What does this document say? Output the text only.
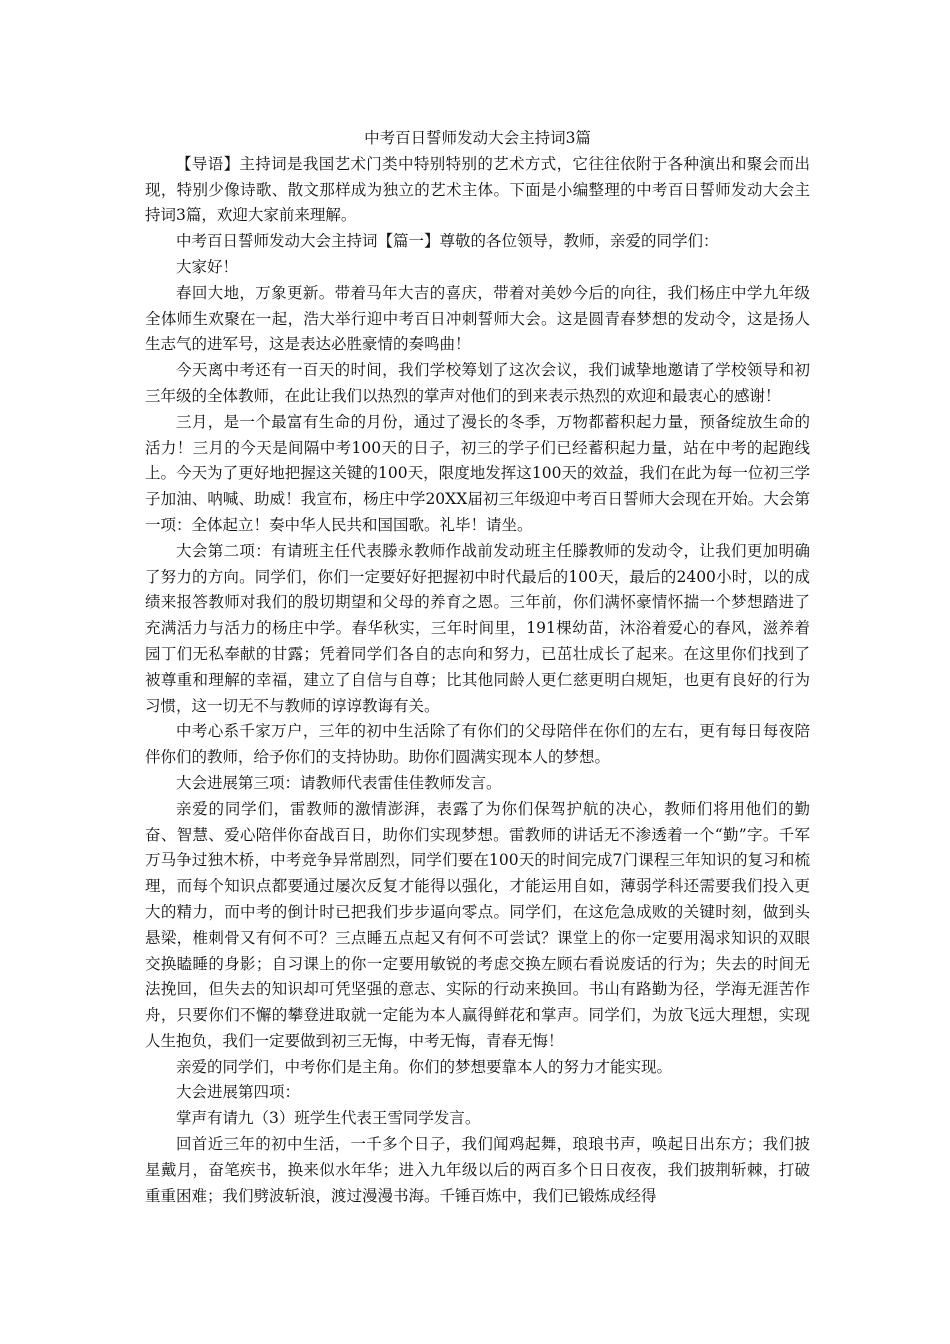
中考百日誓师发动大会主持词3篇

【导语】主持词是我国艺术门类中特别特别的艺术方式，它往往依附于各种演出和聚会而出现，特别少像诗歌、散文那样成为独立的艺术主体。下面是小编整理的中考百日誓师发动大会主持词3篇，欢迎大家前来理解。

中考百日誓师发动大会主持词【篇一】尊敬的各位领导，教师，亲爱的同学们：

大家好！

春回大地，万象更新。带着马年大吉的喜庆，带着对美妙今后的向往，我们杨庄中学九年级全体师生欢聚在一起，浩大举行迎中考百日冲刺誓师大会。这是圆青春梦想的发动令，这是扬人生志气的进军号，这是表达必胜豪情的奏鸣曲！

今天离中考还有一百天的时间，我们学校筹划了这次会议，我们诚挚地邀请了学校领导和初三年级的全体教师，在此让我们以热烈的掌声对他们的到来表示热烈的欢迎和最衷心的感谢！

三月，是一个最富有生命的月份，通过了漫长的冬季，万物都蓄积起力量，预备绽放生命的活力！三月的今天是间隔中考100天的日子，初三的学子们已经蓄积起力量，站在中考的起跑线上。今天为了更好地把握这关键的100天，限度地发挥这100天的效益，我们在此为每一位初三学子加油、呐喊、助威！我宣布，杨庄中学20XX届初三年级迎中考百日誓师大会现在开始。大会第一项：全体起立！奏中华人民共和国国歌。礼毕！请坐。

大会第二项：有请班主任代表滕永教师作战前发动班主任滕教师的发动令，让我们更加明确了努力的方向。同学们，你们一定要好好把握初中时代最后的100天，最后的2400小时，以的成绩来报答教师对我们的殷切期望和父母的养育之恩。三年前，你们满怀豪情怀揣一个梦想踏进了充满活力与活力的杨庄中学。春华秋实，三年时间里，191棵幼苗，沐浴着爱心的春风，滋养着园丁们无私奉献的甘露；凭着同学们各自的志向和努力，已茁壮成长了起来。在这里你们找到了被尊重和理解的幸福，建立了自信与自尊；比其他同龄人更仁慈更明白规矩，也更有良好的行为习惯，这一切无不与教师的谆谆教诲有关。

中考心系千家万户，三年的初中生活除了有你们的父母陪伴在你们的左右，更有每日每夜陪伴你们的教师，给予你们的支持协助。助你们圆满实现本人的梦想。

大会进展第三项：请教师代表雷佳佳教师发言。

亲爱的同学们，雷教师的激情澎湃，表露了为你们保驾护航的决心，教师们将用他们的勤奋、智慧、爱心陪伴你奋战百日，助你们实现梦想。雷教师的讲话无不渗透着一个“勤”字。千军万马争过独木桥，中考竞争异常剧烈，同学们要在100天的时间完成7门课程三年知识的复习和梳理，而每个知识点都要通过屡次反复才能得以强化，才能运用自如，薄弱学科还需要我们投入更大的精力，而中考的倒计时已把我们步步逼向零点。同学们，在这危急成败的关键时刻，做到头悬梁，椎刺骨又有何不可？三点睡五点起又有何不可尝试？课堂上的你一定要用渴求知识的双眼交换瞌睡的身影；自习课上的你一定要用敏锐的考虑交换左顾右看说废话的行为；失去的时间无法挽回，但失去的知识却可凭坚强的意志、实际的行动来换回。书山有路勤为径，学海无涯苦作舟，只要你们不懈的攀登进取就一定能为本人赢得鲜花和掌声。同学们，为放飞远大理想，实现人生抱负，我们一定要做到初三无悔，中考无悔，青春无悔！

亲爱的同学们，中考你们是主角。你们的梦想要靠本人的努力才能实现。

大会进展第四项：

掌声有请九（3）班学生代表王雪同学发言。

回首近三年的初中生活，一千多个日子，我们闻鸡起舞，琅琅书声，唤起日出东方；我们披星戴月，奋笔疾书，换来似水年华；进入九年级以后的两百多个日日夜夜，我们披荆斩棘，打破重重困难；我们劈波斩浪，渡过漫漫书海。千锤百炼中，我们已锻炼成经得
